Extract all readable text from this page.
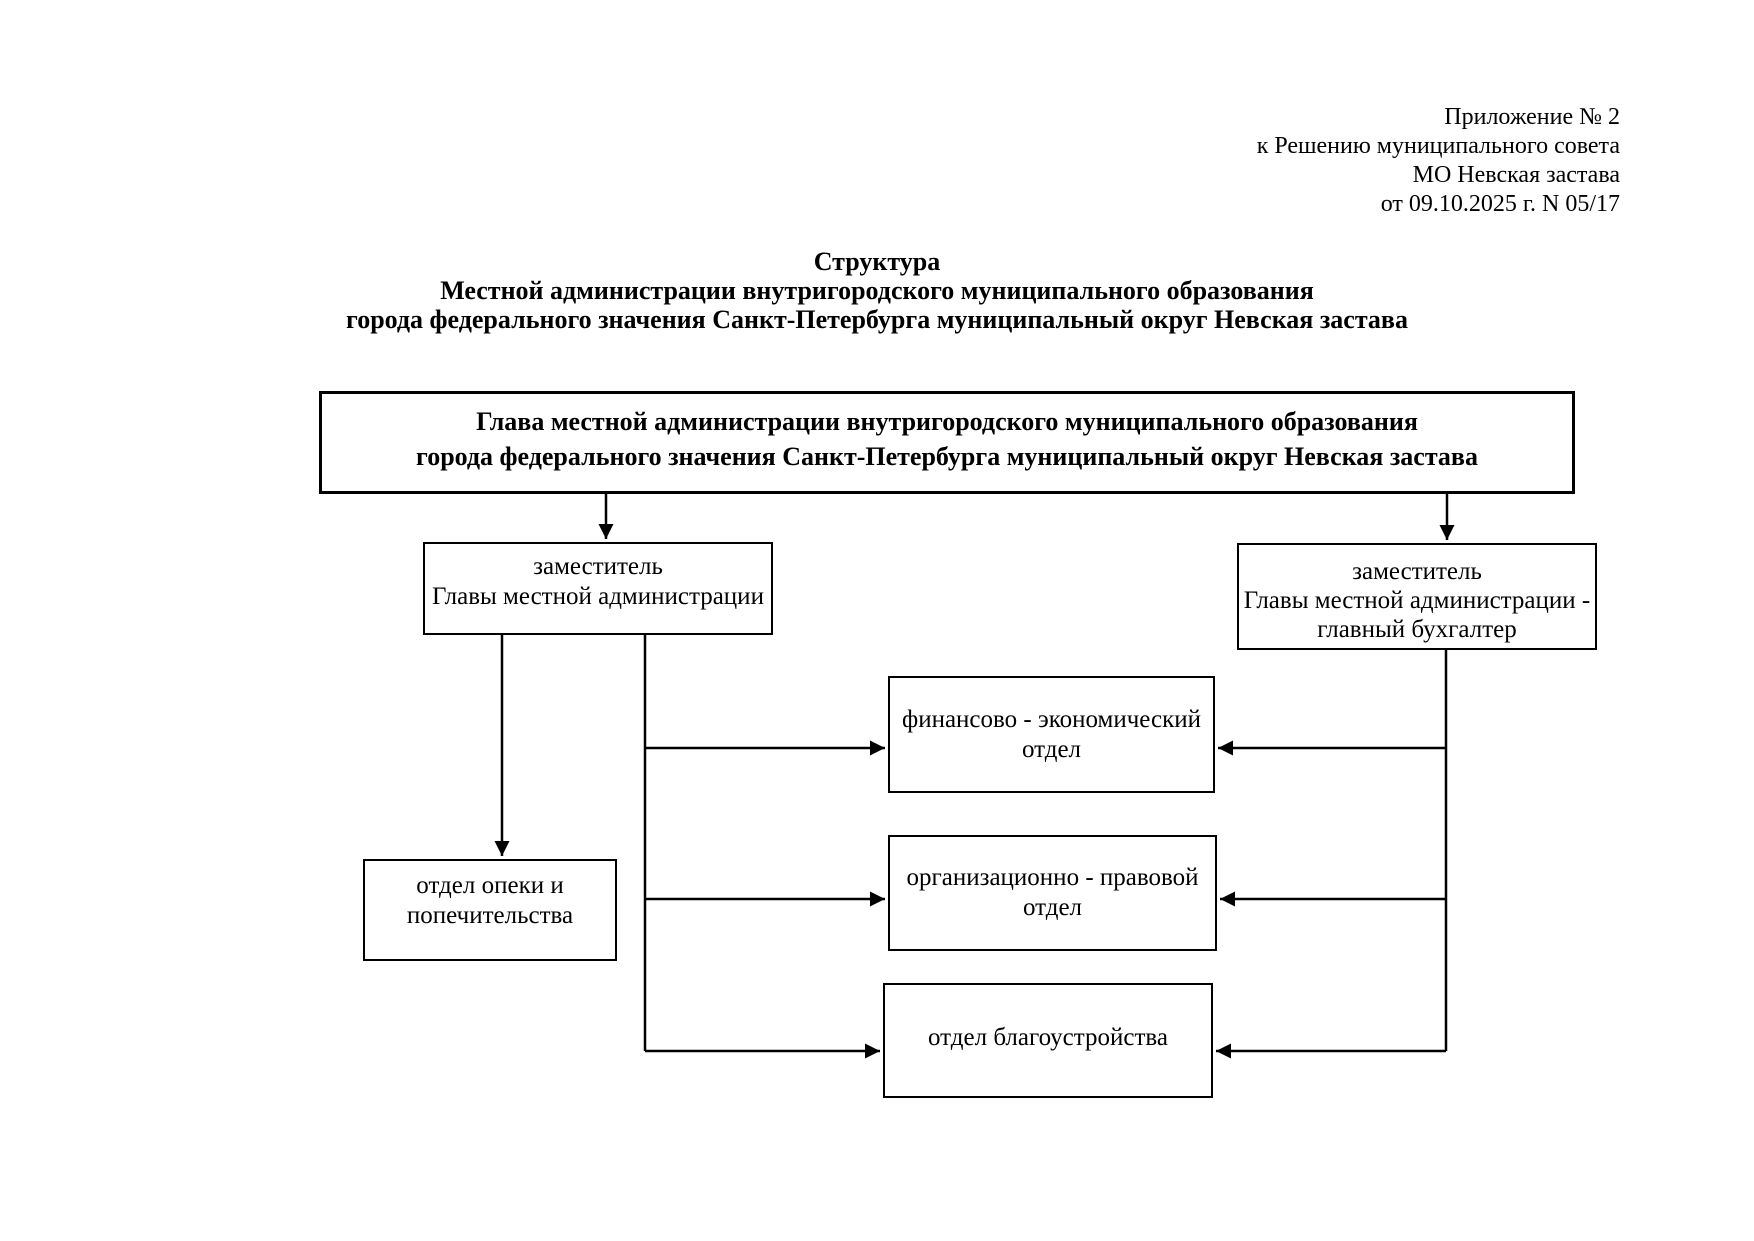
Приложение № 2
к Решению муниципального совета
МО Невская застава
от 09.10.2025 г. N 05/17
Структура
Местной администрации внутригородского муниципального образования
города федерального значения Санкт-Петербурга муниципальный округ Невская застава
Глава местной администрации внутригородского муниципального образования
города федерального значения Санкт-Петербурга муниципальный округ Невская застава
заместитель
Главы местной администрации
заместитель
Главы местной администрации -
главный бухгалтер
финансово - экономический
отдел
организационно - правовой
отдел
отдел благоустройства
отдел опеки и
попечительства
